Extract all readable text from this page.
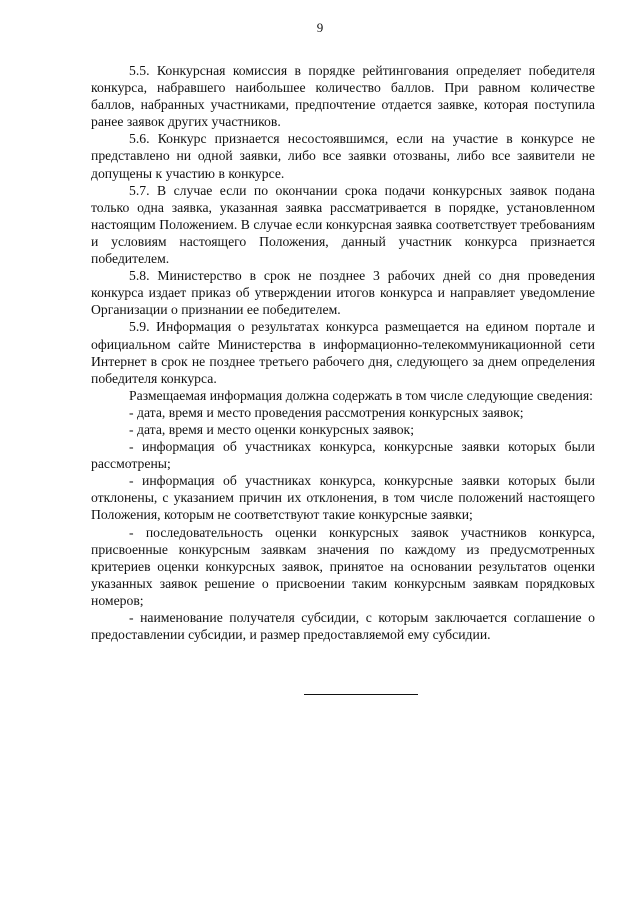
9

5.5. Конкурсная комиссия в порядке рейтингования определяет победителя конкурса, набравшего наибольшее количество баллов. При равном количестве баллов, набранных участниками, предпочтение отдается заявке, которая поступила ранее заявок других участников.

5.6. Конкурс признается несостоявшимся, если на участие в конкурсе не представлено ни одной заявки, либо все заявки отозваны, либо все заявители не допущены к участию в конкурсе.

5.7. В случае если по окончании срока подачи конкурсных заявок подана только одна заявка, указанная заявка рассматривается в порядке, установленном настоящим Положением. В случае если конкурсная заявка соответствует требованиям и условиям настоящего Положения, данный участник конкурса признается победителем.

5.8. Министерство в срок не позднее 3 рабочих дней со дня проведения конкурса издает приказ об утверждении итогов конкурса и направляет уведомление Организации о признании ее победителем.

5.9. Информация о результатах конкурса размещается на едином портале и официальном сайте Министерства в информационно-телекоммуникационной сети Интернет в срок не позднее третьего рабочего дня, следующего за днем определения победителя конкурса.

Размещаемая информация должна содержать в том числе следующие сведения:

- дата, время и место проведения рассмотрения конкурсных заявок;

- дата, время и место оценки конкурсных заявок;

- информация об участниках конкурса, конкурсные заявки которых были рассмотрены;

- информация об участниках конкурса, конкурсные заявки которых были отклонены, с указанием причин их отклонения, в том числе положений настоящего Положения, которым не соответствуют такие конкурсные заявки;

- последовательность оценки конкурсных заявок участников конкурса, присвоенные конкурсным заявкам значения по каждому из предусмотренных критериев оценки конкурсных заявок, принятое на основании результатов оценки указанных заявок решение о присвоении таким конкурсным заявкам порядковых номеров;

- наименование получателя субсидии, с которым заключается соглашение о предоставлении субсидии, и размер предоставляемой ему субсидии.
